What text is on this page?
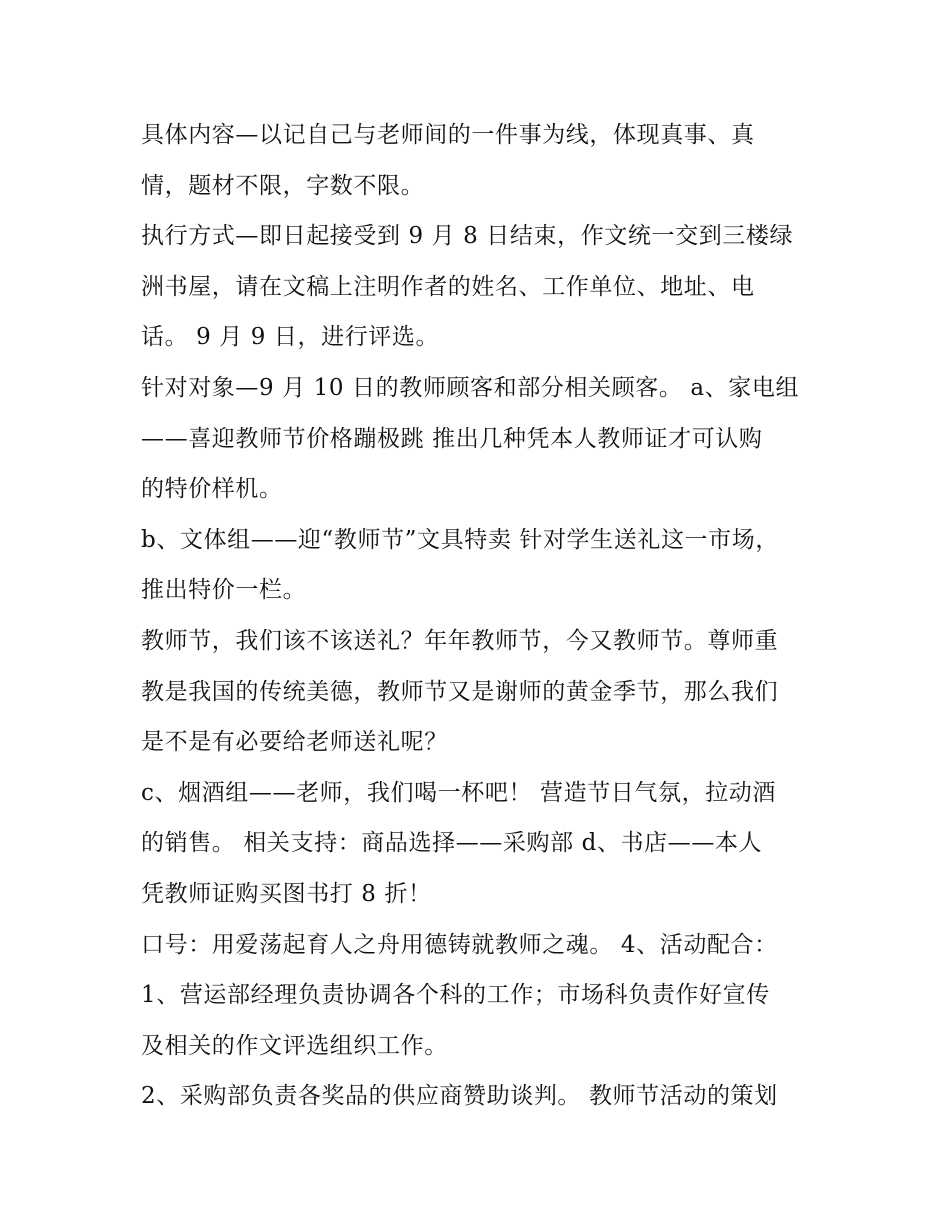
具体内容—以记自己与老师间的一件事为线，体现真事、真
情，题材不限，字数不限。
执行方式—即日起接受到 9 月 8 日结束，作文统一交到三楼绿
洲书屋，请在文稿上注明作者的姓名、工作单位、地址、电
话。 9 月 9 日，进行评选。
针对对象—9 月 10 日的教师顾客和部分相关顾客。 a、家电组
——喜迎教师节价格蹦极跳 推出几种凭本人教师证才可认购
的特价样机。
b、文体组——迎“教师节”文具特卖 针对学生送礼这一市场，
推出特价一栏。
教师节，我们该不该送礼？年年教师节，今又教师节。尊师重
教是我国的传统美德，教师节又是谢师的黄金季节，那么我们
是不是有必要给老师送礼呢？
c、烟酒组——老师，我们喝一杯吧！ 营造节日气氛，拉动酒
的销售。 相关支持：商品选择——采购部 d、书店——本人
凭教师证购买图书打 8 折！
口号：用爱荡起育人之舟用德铸就教师之魂。 4、活动配合：
1、营运部经理负责协调各个科的工作；市场科负责作好宣传
及相关的作文评选组织工作。
2、采购部负责各奖品的供应商赞助谈判。 教师节活动的策划
